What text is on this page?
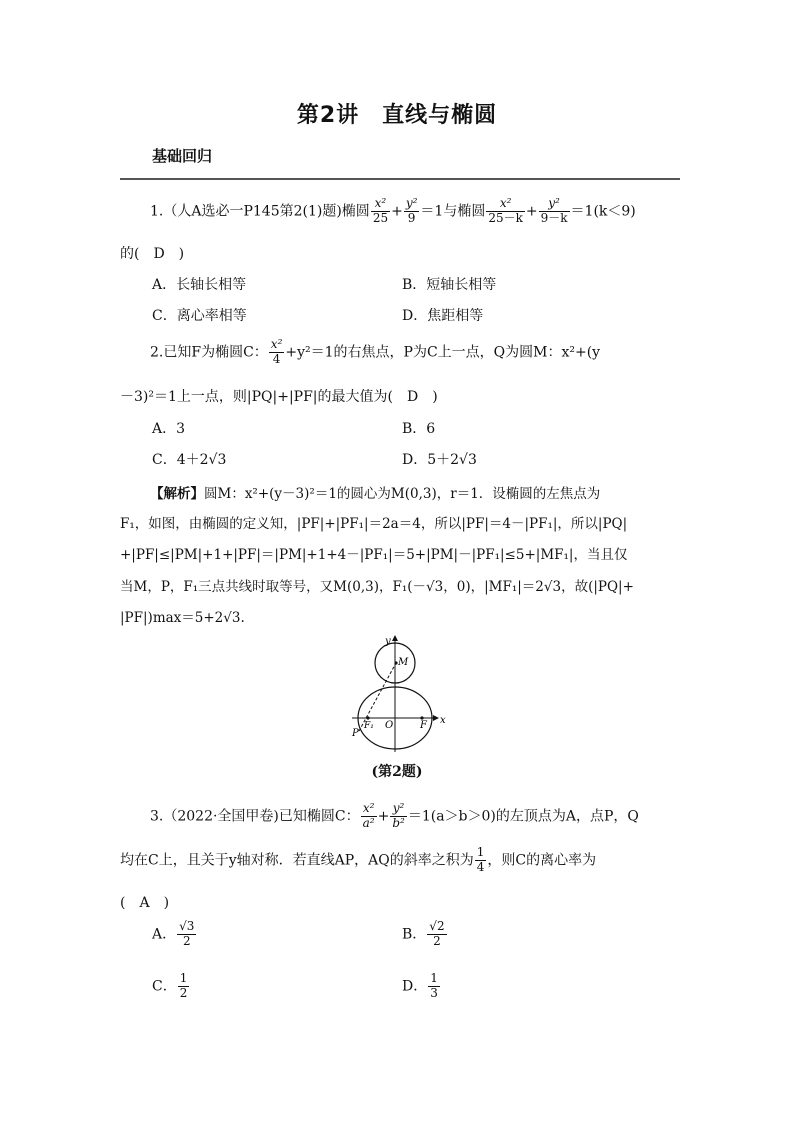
第2讲　直线与椭圆
基础回归
1.（人A选必一P145第2(1)题)椭圆 $\frac{\text{x²}}{25} + \frac{\text{y²}}{9} =1$与椭圆 $\frac{\text{x²}}{25-k} + \frac{\text{y²}}{9-k} =1(k<9)$
的(　D　)
A．长轴长相等	B．短轴长相等
C．离心率相等	D．焦距相等
2.已知F为椭圆C： $\frac{\text{x²}}{4} +y^2=1$的右焦点，P为C上一点，Q为圆M：x²+(y
－3)²＝1上一点，则|PQ|+|PF|的最大值为(　D　)
A．3	B．6
C．4＋2√3	D．5＋2√3
【解析】圆M：x²+(y－3)²＝1的圆心为M(0,3)，r＝1．设椭圆的左焦点为
F₁，如图，由椭圆的定义知，|PF|+|PF₁|＝2a＝4，所以|PF|＝4－|PF₁|，所以|PQ|
+|PF|≤|PM|+1+|PF|＝|PM|+1+4－|PF₁|＝5+|PM|－|PF₁|≤5+|MF₁|，当且仅
当M，P，F₁三点共线时取等号，又M(0,3)，F₁(－√3，0)，|MF₁|＝2√3，故(|PQ|+
|PF|)max＝5+2√3.
y
x
M
F₁ O	F
P
(第2题)
3.（2022·全国甲卷)已知椭圆C： $\frac{\text{x²}}{\text{a²}} + \frac{\text{y²}}{\text{b²}} =1(a>b>0)$的左顶点为A，点P，Q
均在C上，且关于y轴对称．若直线AP，AQ的斜率之积为 $\frac{1}{4}$ ，则C的离心率为
(　A　)
A． $\frac{√3}{2}$	B． $\frac{√2}{2}$
C． $\frac{1}{2}$	D． $\frac{1}{3}$
